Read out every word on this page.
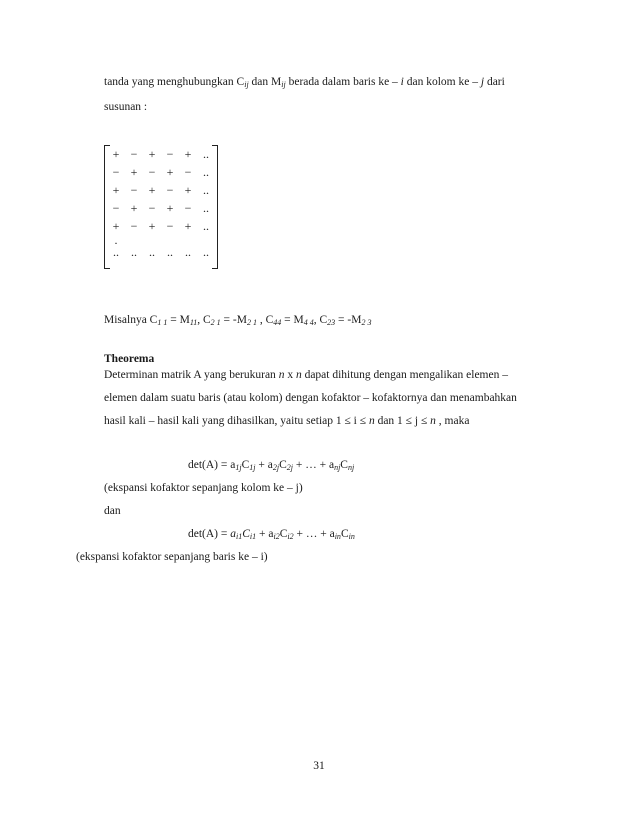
tanda yang menghubungkan $C_{ij}$ dan $M_{ij}$ berada dalam baris ke – i dan kolom ke – j dari
susunan :
+ − + − + ..
− + − + − ..
+ − + − + ..
− + − + − ..
+ − + − + ..
.
..	..	..	..	..	..
Misalnya $C_{1 1} = M_{11}$, $C_{2 1} = -M_{2 1}$ , $C_{44} = M_{4 4}$, $C_{23} = -M_{2 3}$
Theorema
Determinan matrik A yang berukuran n x n dapat dihitung dengan mengalikan elemen –
elemen dalam suatu baris (atau kolom) dengan kofaktor – kofaktornya dan menambahkan
hasil kali – hasil kali yang dihasilkan, yaitu setiap 1 ≤ i ≤ n dan 1 ≤ j ≤ n , maka
$\det(A) = a_{1j}C_{1j} + a_{2j}C_{2j}$ + … + $a_{nj}C_{nj}$
(ekspansi kofaktor sepanjang kolom ke – j)
dan
$\det(A) = a_{i1}C_{i1} + a_{i2}C_{i2}$ + … + $a_{in}C_{in}$
(ekspansi kofaktor sepanjang baris ke – i)
31
